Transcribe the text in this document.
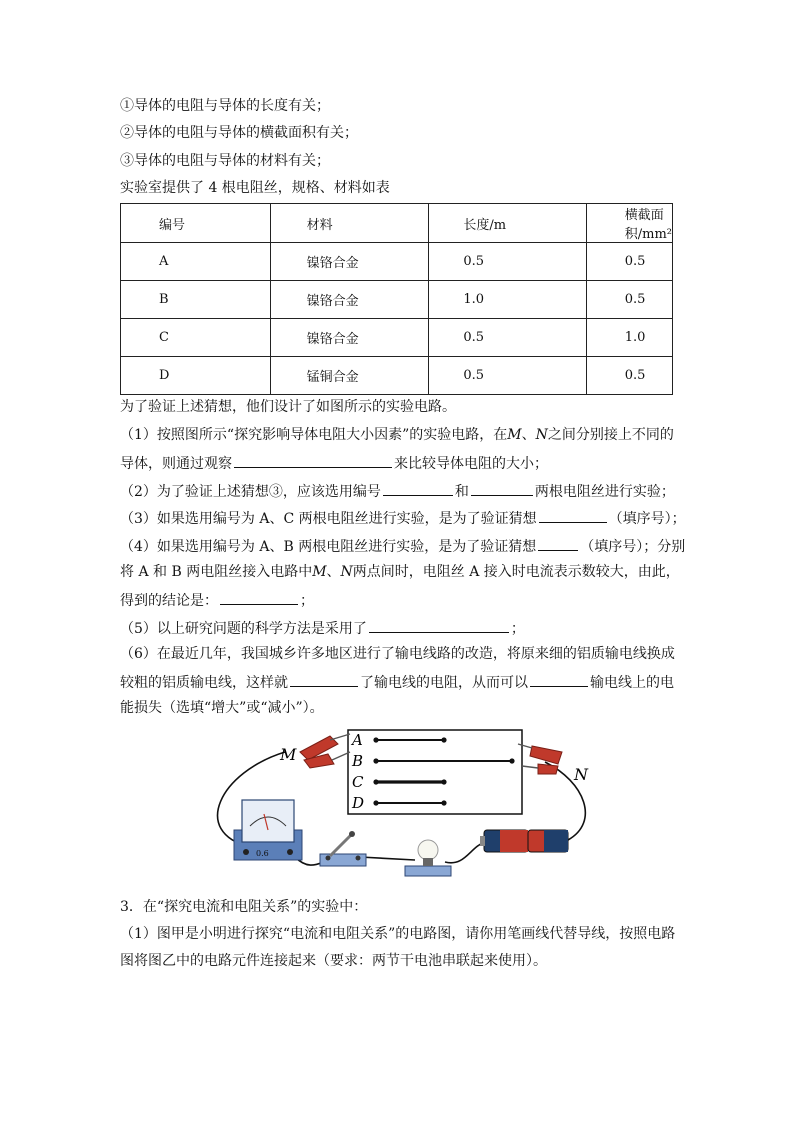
①导体的电阻与导体的长度有关；
②导体的电阻与导体的横截面积有关；
③导体的电阻与导体的材料有关；
实验室提供了 4 根电阻丝，规格、材料如表
编号	材料	长度/m	横截面积/mm²
A	镍铬合金	0.5	0.5
B	镍铬合金	1.0	0.5
C	镍铬合金	0.5	1.0
D	锰铜合金	0.5	0.5
为了验证上述猜想，他们设计了如图所示的实验电路。
（1）按照图所示“探究影响导体电阻大小因素”的实验电路，在M、N之间分别接上不同的
导体，则通过观察	来比较导体电阻的大小；
（2）为了验证上述猜想③，应该选用编号	和	两根电阻丝进行实验；
（3）如果选用编号为 A、C 两根电阻丝进行实验，是为了验证猜想	（填序号）；
（4）如果选用编号为 A、B 两根电阻丝进行实验，是为了验证猜想	（填序号）；分别
将 A 和 B 两电阻丝接入电路中M、N两点间时，电阻丝 A 接入时电流表示数较大，由此，
得到的结论是：	；
（5）以上研究问题的科学方法是采用了	；
（6）在最近几年，我国城乡许多地区进行了输电线路的改造，将原来细的铝质输电线换成
较粗的铝质输电线，这样就	了输电线的电阻，从而可以	输电线上的电
能损失（选填“增大”或“减小”）。
A
B
C
D
M
N
0.6
3．在“探究电流和电阻关系”的实验中：
（1）图甲是小明进行探究“电流和电阻关系”的电路图，请你用笔画线代替导线，按照电路
图将图乙中的电路元件连接起来（要求：两节干电池串联起来使用）。
